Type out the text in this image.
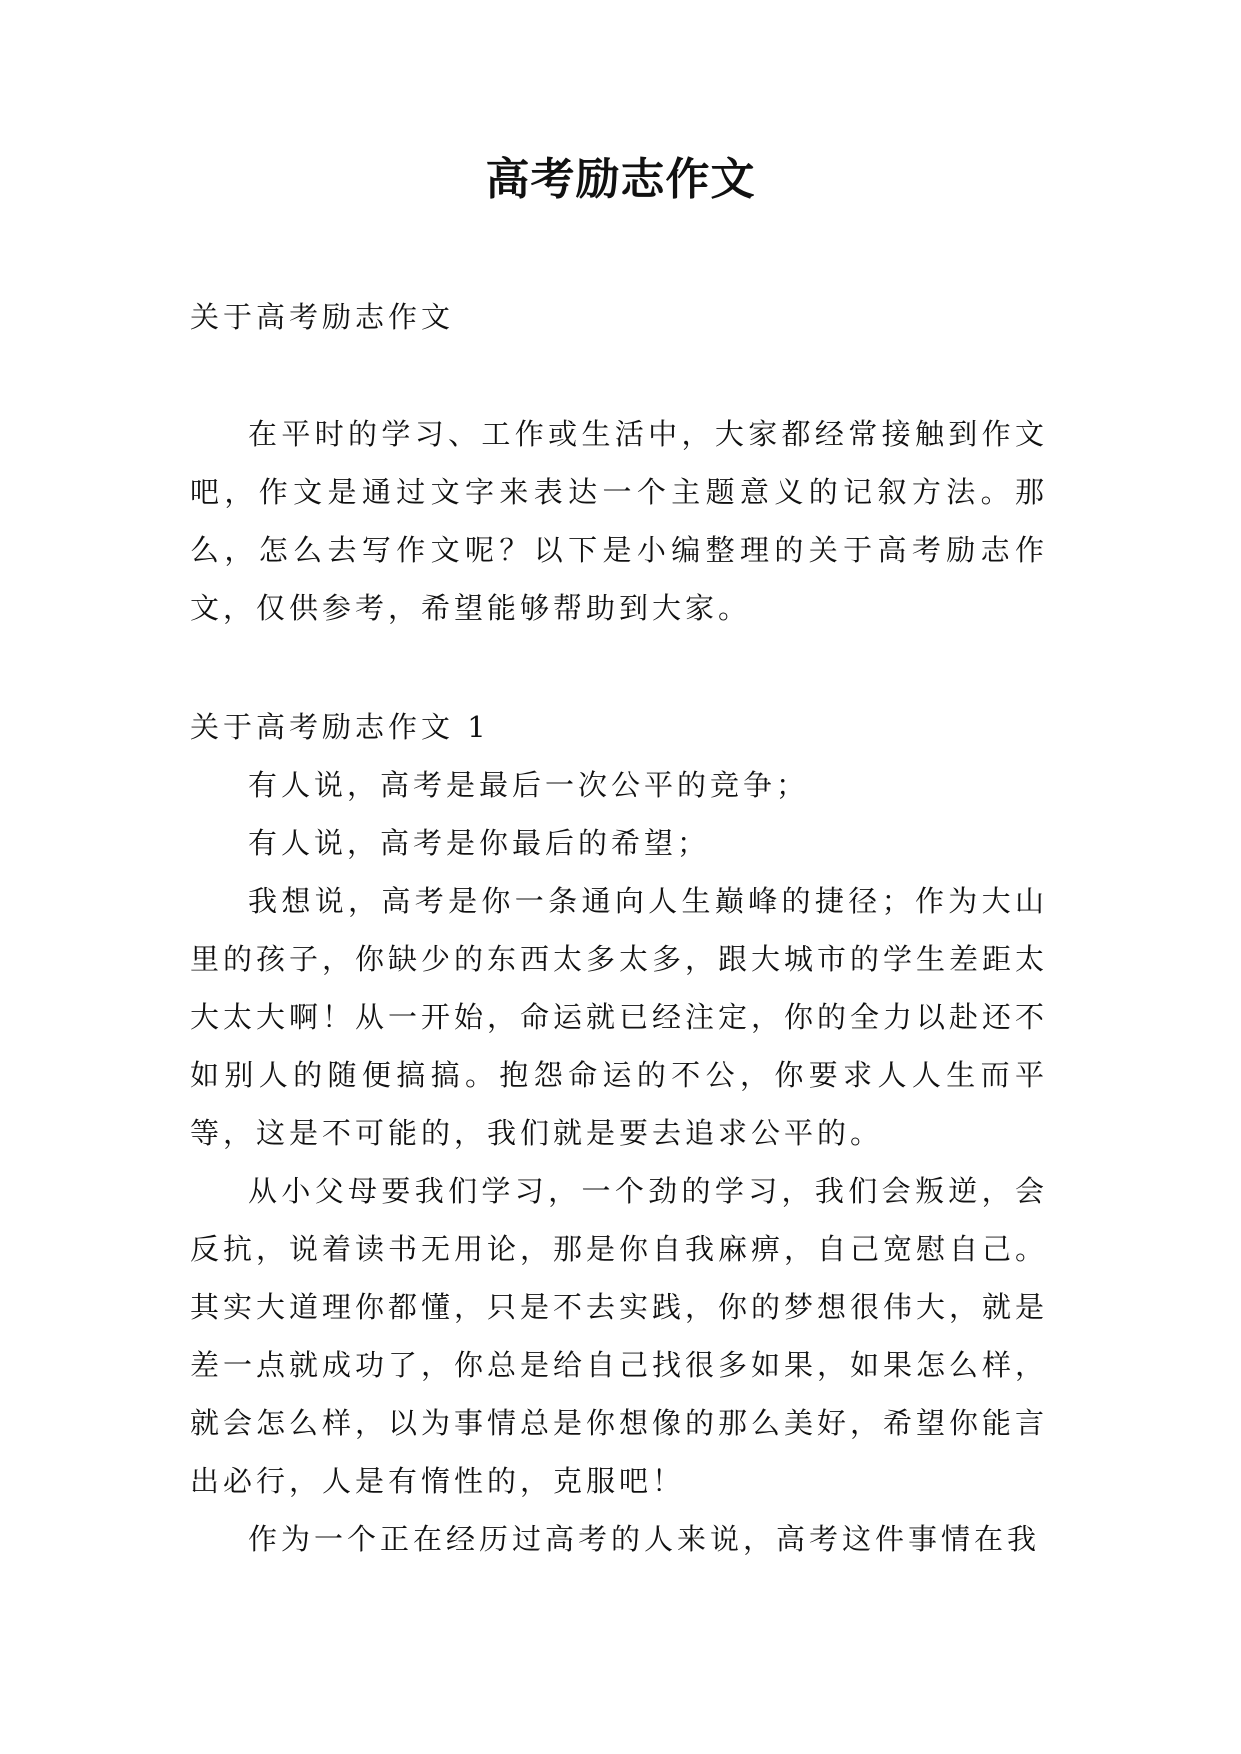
高考励志作文
关于高考励志作文

在平时的学习、工作或生活中，大家都经常接触到作文吧，作文是通过文字来表达一个主题意义的记叙方法。那么，怎么去写作文呢？以下是小编整理的关于高考励志作文，仅供参考，希望能够帮助到大家。

关于高考励志作文 1

有人说，高考是最后一次公平的竞争；

有人说，高考是你最后的希望；

我想说，高考是你一条通向人生巅峰的捷径；作为大山里的孩子，你缺少的东西太多太多，跟大城市的学生差距太大太大啊！从一开始，命运就已经注定，你的全力以赴还不如别人的随便搞搞。抱怨命运的不公，你要求人人生而平等，这是不可能的，我们就是要去追求公平的。

从小父母要我们学习，一个劲的学习，我们会叛逆，会反抗，说着读书无用论，那是你自我麻痹，自己宽慰自己。其实大道理你都懂，只是不去实践，你的梦想很伟大，就是差一点就成功了，你总是给自己找很多如果，如果怎么样，就会怎么样，以为事情总是你想像的那么美好，希望你能言出必行，人是有惰性的，克服吧！

作为一个正在经历过高考的人来说，高考这件事情在我
